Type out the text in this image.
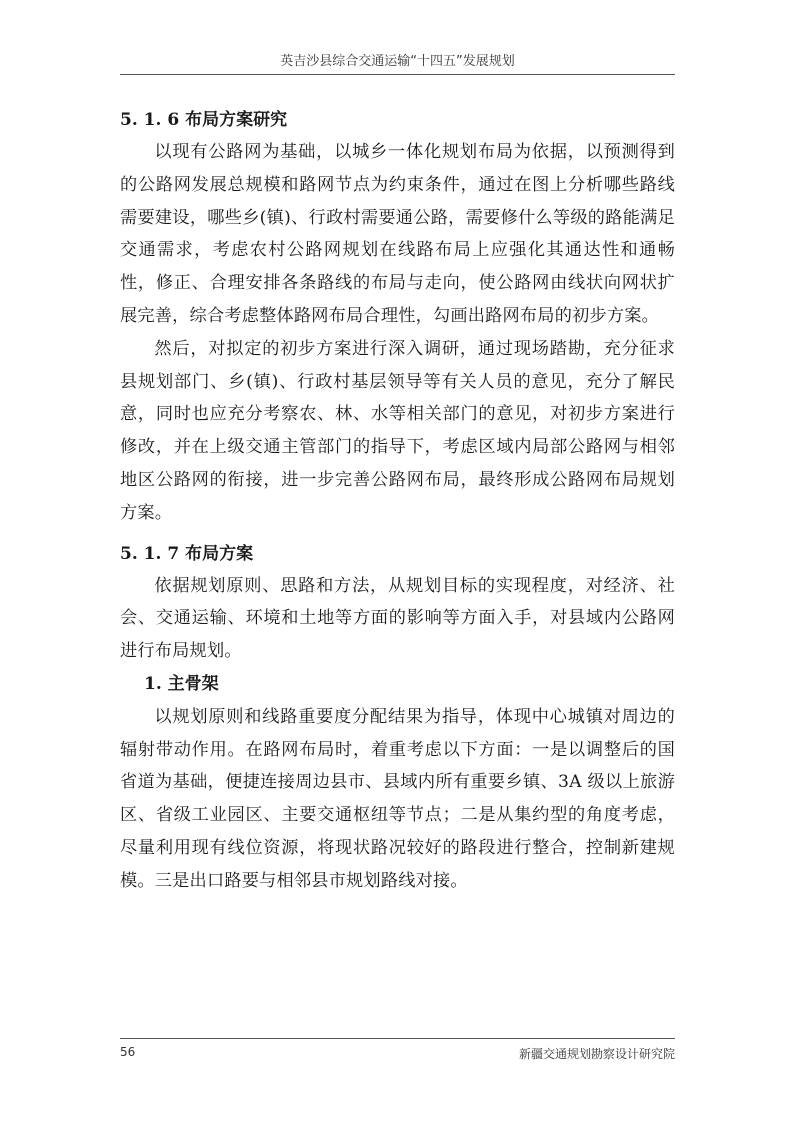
英吉沙县综合交通运输“十四五”发展规划

5. 1. 6 布局方案研究

以现有公路网为基础，以城乡一体化规划布局为依据，以预测得到的公路网发展总规模和路网节点为约束条件，通过在图上分析哪些路线需要建设，哪些乡(镇)、行政村需要通公路，需要修什么等级的路能满足交通需求，考虑农村公路网规划在线路布局上应强化其通达性和通畅性，修正、合理安排各条路线的布局与走向，使公路网由线状向网状扩展完善，综合考虑整体路网布局合理性，勾画出路网布局的初步方案。

然后，对拟定的初步方案进行深入调研，通过现场踏勘，充分征求县规划部门、乡(镇)、行政村基层领导等有关人员的意见，充分了解民意，同时也应充分考察农、林、水等相关部门的意见，对初步方案进行修改，并在上级交通主管部门的指导下，考虑区域内局部公路网与相邻地区公路网的衔接，进一步完善公路网布局，最终形成公路网布局规划方案。

5. 1. 7 布局方案

依据规划原则、思路和方法，从规划目标的实现程度，对经济、社会、交通运输、环境和土地等方面的影响等方面入手，对县域内公路网进行布局规划。

1. 主骨架

以规划原则和线路重要度分配结果为指导，体现中心城镇对周边的辐射带动作用。在路网布局时，着重考虑以下方面：一是以调整后的国省道为基础，便捷连接周边县市、县域内所有重要乡镇、3A 级以上旅游区、省级工业园区、主要交通枢纽等节点；二是从集约型的角度考虑，尽量利用现有线位资源，将现状路况较好的路段进行整合，控制新建规模。三是出口路要与相邻县市规划路线对接。

56	新疆交通规划勘察设计研究院
